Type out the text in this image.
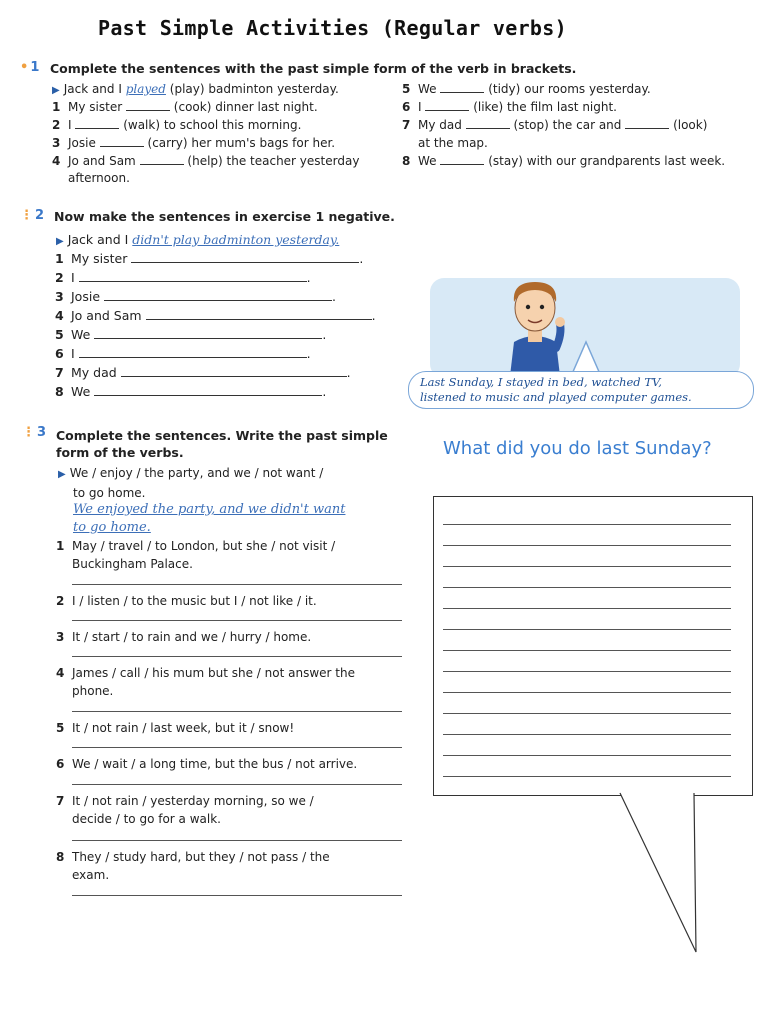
Past Simple Activities (Regular verbs)
• 1 Complete the sentences with the past simple form of the verb in brackets.
▶ Jack and I played (play) badminton yesterday.
1 My sister	(cook) dinner last night.
2 I	(walk) to school this morning.
3 Josie	(carry) her mum's bags for her.
4 Jo and Sam	(help) the teacher yesterday
afternoon.
5 We	(tidy) our rooms yesterday.
6 I	(like) the film last night.
7 My dad	(stop) the car and	(look)
at the map.
8 We	(stay) with our grandparents last week.
⋮ 2 Now make the sentences in exercise 1 negative.
▶ Jack and I didn't play badminton yesterday.
1 My sister	.
2 I	.
3 Josie	.
4 Jo and Sam	.
5 We	.
6 I	.
7 My dad	.
8 We	.
Last Sunday, I stayed in bed, watched TV,
listened to music and played computer games.
⋮ 3 Complete the sentences. Write the past simple
form of the verbs.
▶ We / enjoy / the party, and we / not want /
to go home.
We enjoyed the party, and we didn't want
to go home.
1 May / travel / to London, but she / not visit /
Buckingham Palace.
2 I / listen / to the music but I / not like / it.
3 It / start / to rain and we / hurry / home.
4 James / call / his mum but she / not answer the
phone.
5 It / not rain / last week, but it / snow!
6 We / wait / a long time, but the bus / not arrive.
7 It / not rain / yesterday morning, so we /
decide / to go for a walk.
8 They / study hard, but they / not pass / the
exam.
What did you do last Sunday?
